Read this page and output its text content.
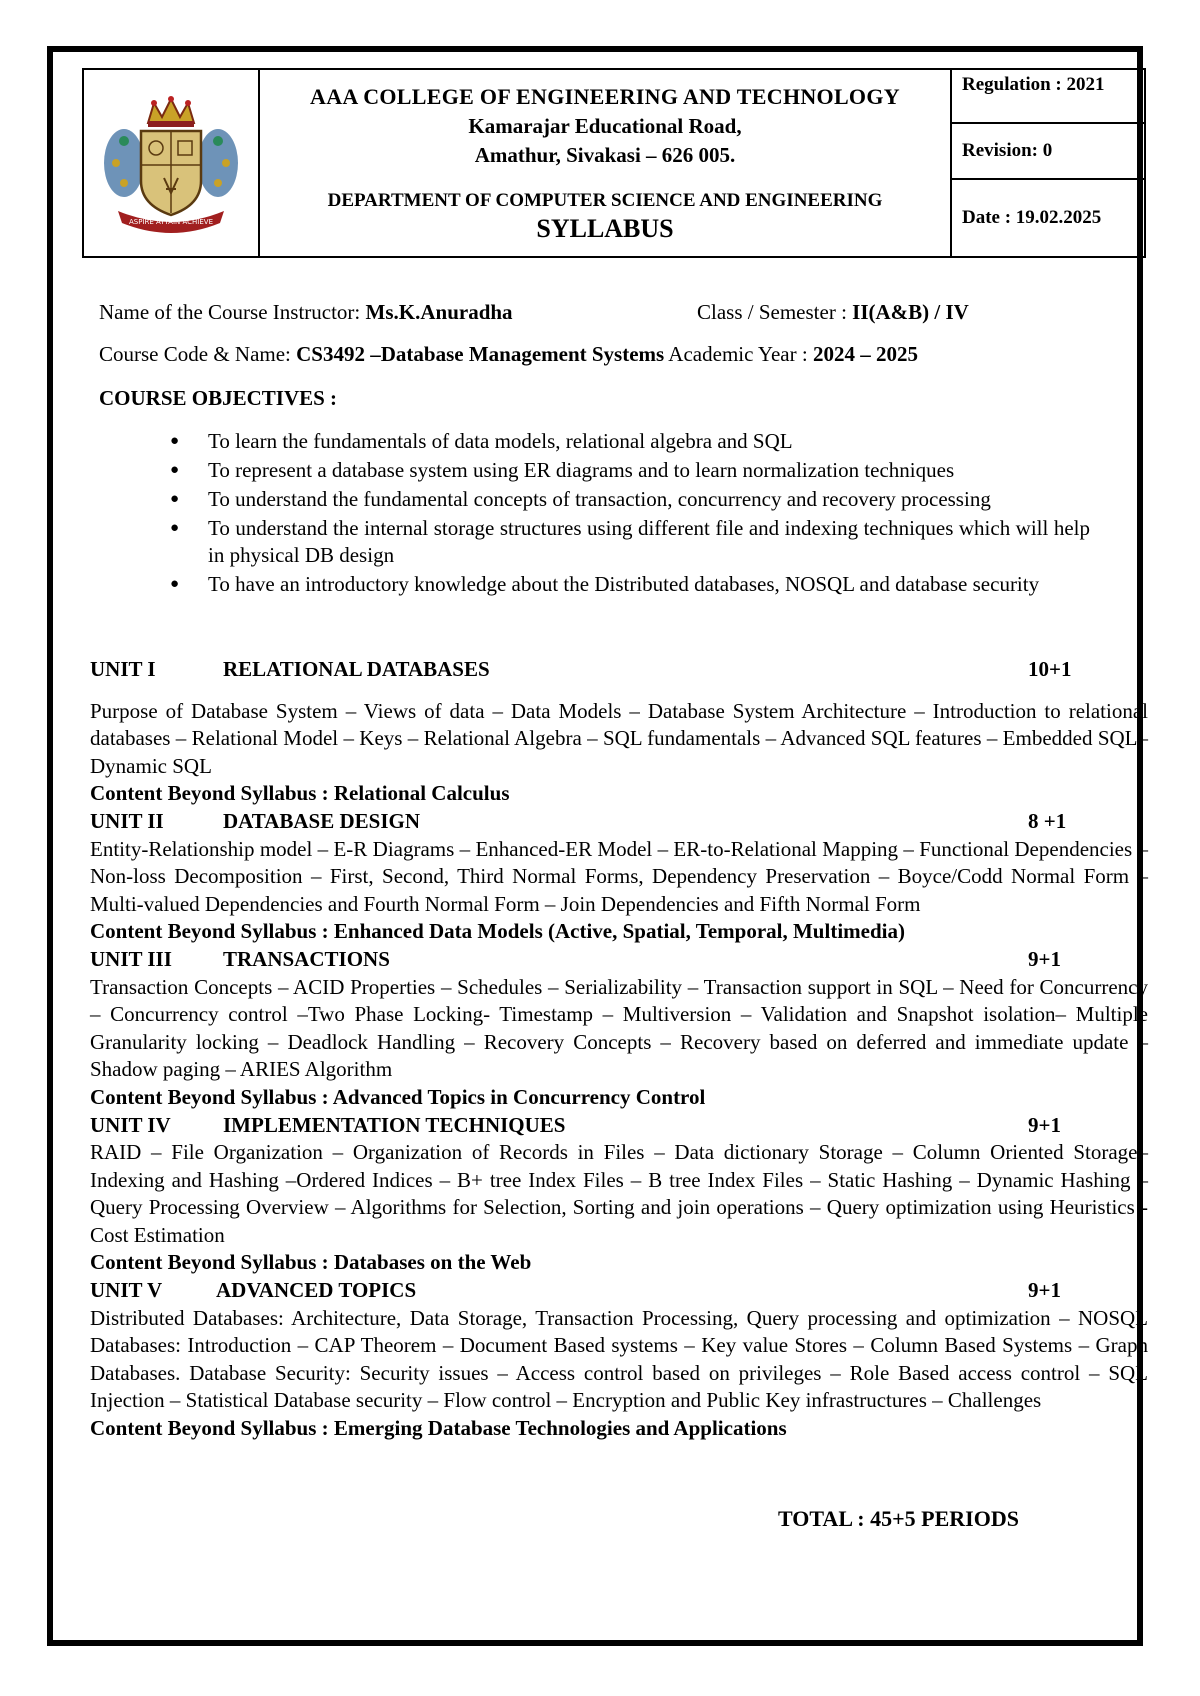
ASPIRE ATTAIN ACHIEVE
AAA COLLEGE OF ENGINEERING AND TECHNOLOGY
Kamarajar Educational Road,
Amathur, Sivakasi – 626 005.
DEPARTMENT OF COMPUTER SCIENCE AND ENGINEERING
SYLLABUS
Regulation : 2021
Revision: 0
Date : 19.02.2025
Name of the Course Instructor: Ms.K.Anuradha	Class / Semester : II(A&B) / IV
Course Code & Name: CS3492 –Database Management Systems Academic Year : 2024 – 2025
COURSE OBJECTIVES :
● To learn the fundamentals of data models, relational algebra and SQL
● To represent a database system using ER diagrams and to learn normalization techniques
● To understand the fundamental concepts of transaction, concurrency and recovery processing
● To understand the internal storage structures using different file and indexing techniques which will help in physical DB design
● To have an introductory knowledge about the Distributed databases, NOSQL and database security
UNIT I	RELATIONAL DATABASES	10+1
Purpose of Database System – Views of data – Data Models – Database System Architecture – Introduction to relational databases – Relational Model – Keys – Relational Algebra – SQL fundamentals – Advanced SQL features – Embedded SQL– Dynamic SQL
Content Beyond Syllabus : Relational Calculus
UNIT II	DATABASE DESIGN	8 +1
Entity-Relationship model – E-R Diagrams – Enhanced-ER Model – ER-to-Relational Mapping – Functional Dependencies – Non-loss Decomposition – First, Second, Third Normal Forms, Dependency Preservation – Boyce/Codd Normal Form – Multi-valued Dependencies and Fourth Normal Form – Join Dependencies and Fifth Normal Form
Content Beyond Syllabus : Enhanced Data Models (Active, Spatial, Temporal, Multimedia)
UNIT III	TRANSACTIONS	9+1
Transaction Concepts – ACID Properties – Schedules – Serializability – Transaction support in SQL – Need for Concurrency – Concurrency control –Two Phase Locking- Timestamp – Multiversion – Validation and Snapshot isolation– Multiple Granularity locking – Deadlock Handling – Recovery Concepts – Recovery based on deferred and immediate update – Shadow paging – ARIES Algorithm
Content Beyond Syllabus : Advanced Topics in Concurrency Control
UNIT IV	IMPLEMENTATION TECHNIQUES	9+1
RAID – File Organization – Organization of Records in Files – Data dictionary Storage – Column Oriented Storage– Indexing and Hashing –Ordered Indices – B+ tree Index Files – B tree Index Files – Static Hashing – Dynamic Hashing – Query Processing Overview – Algorithms for Selection, Sorting and join operations – Query optimization using Heuristics - Cost Estimation
Content Beyond Syllabus : Databases on the Web
UNIT V	ADVANCED TOPICS	9+1
Distributed Databases: Architecture, Data Storage, Transaction Processing, Query processing and optimization – NOSQL Databases: Introduction – CAP Theorem – Document Based systems – Key value Stores – Column Based Systems – Graph Databases. Database Security: Security issues – Access control based on privileges – Role Based access control – SQL Injection – Statistical Database security – Flow control – Encryption and Public Key infrastructures – Challenges
Content Beyond Syllabus : Emerging Database Technologies and Applications
TOTAL : 45+5 PERIODS
